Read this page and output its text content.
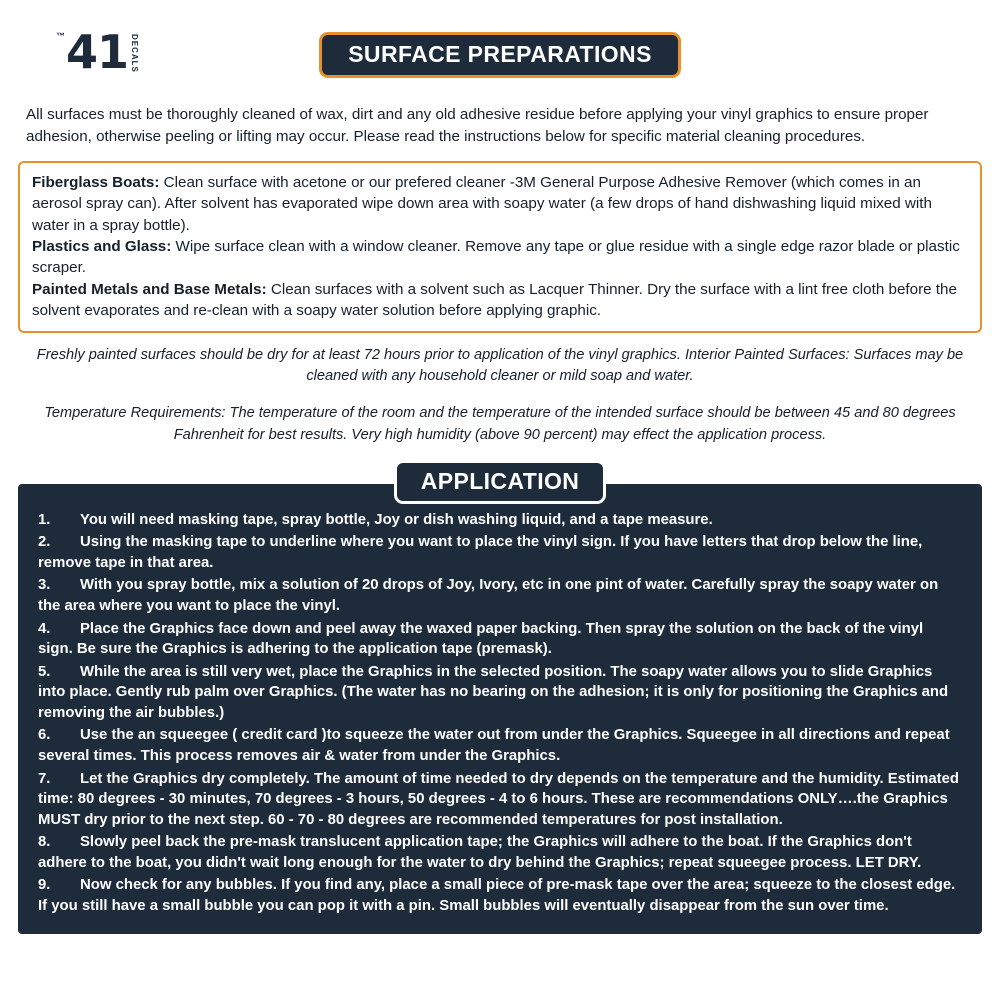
™ 41 DECALS	SURFACE PREPARATIONS
All surfaces must be thoroughly cleaned of wax, dirt and any old adhesive residue before applying your vinyl graphics to ensure proper adhesion, otherwise peeling or lifting may occur. Please read the instructions below for specific material cleaning procedures.

Fiberglass Boats: Clean surface with acetone or our prefered cleaner -3M General Purpose Adhesive Remover (which comes in an aerosol spray can). After solvent has evaporated wipe down area with soapy water (a few drops of hand dishwashing liquid mixed with water in a spray bottle).

Plastics and Glass: Wipe surface clean with a window cleaner. Remove any tape or glue residue with a single edge razor blade or plastic scraper.

Painted Metals and Base Metals: Clean surfaces with a solvent such as Lacquer Thinner. Dry the surface with a lint free cloth before the solvent evaporates and re-clean with a soapy water solution before applying graphic.

Freshly painted surfaces should be dry for at least 72 hours prior to application of the vinyl graphics. Interior Painted Surfaces: Surfaces may be cleaned with any household cleaner or mild soap and water.
Temperature Requirements: The temperature of the room and the temperature of the intended surface should be between 45 and 80 degrees Fahrenheit for best results. Very high humidity (above 90 percent) may effect the application process.
APPLICATION
1. You will need masking tape, spray bottle, Joy or dish washing liquid, and a tape measure.
2. Using the masking tape to underline where you want to place the vinyl sign. If you have letters that drop below the line, remove tape in that area.
3. With you spray bottle, mix a solution of 20 drops of Joy, Ivory, etc in one pint of water. Carefully spray the soapy water on the area where you want to place the vinyl.
4. Place the Graphics face down and peel away the waxed paper backing. Then spray the solution on the back of the vinyl sign. Be sure the Graphics is adhering to the application tape (premask).
5. While the area is still very wet, place the Graphics in the selected position. The soapy water allows you to slide Graphics into place. Gently rub palm over Graphics. (The water has no bearing on the adhesion; it is only for positioning the Graphics and removing the air bubbles.)
6. Use the an squeegee ( credit card )to squeeze the water out from under the Graphics. Squeegee in all directions and repeat several times. This process removes air & water from under the Graphics.
7. Let the Graphics dry completely. The amount of time needed to dry depends on the temperature and the humidity. Estimated time: 80 degrees - 30 minutes, 70 degrees - 3 hours, 50 degrees - 4 to 6 hours. These are recommendations ONLY….the Graphics MUST dry prior to the next step. 60 - 70 - 80 degrees are recommended temperatures for post installation.
8. Slowly peel back the pre-mask translucent application tape; the Graphics will adhere to the boat. If the Graphics don't adhere to the boat, you didn't wait long enough for the water to dry behind the Graphics; repeat squeegee process. LET DRY.
9. Now check for any bubbles. If you find any, place a small piece of pre-mask tape over the area; squeeze to the closest edge. If you still have a small bubble you can pop it with a pin. Small bubbles will eventually disappear from the sun over time.
